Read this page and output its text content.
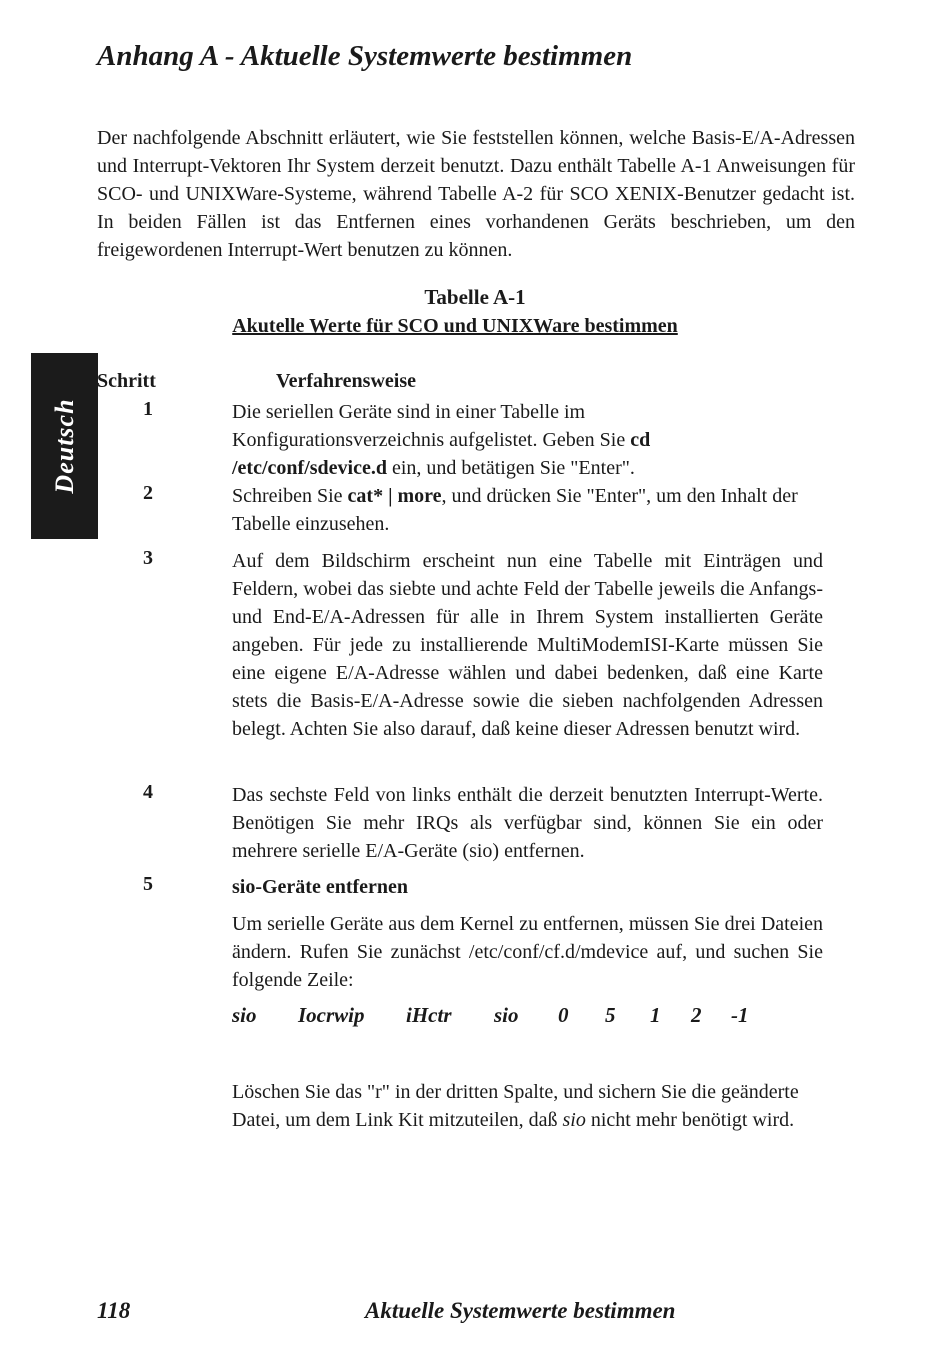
Anhang A - Aktuelle Systemwerte bestimmen

Der nachfolgende Abschnitt erläutert, wie Sie feststellen können, welche Basis-E/A-Adressen und Interrupt-Vektoren Ihr System derzeit benutzt. Dazu enthält Tabelle A-1 Anweisungen für SCO- und UNIXWare-Systeme, während Tabelle A-2 für SCO XENIX-Benutzer gedacht ist. In beiden Fällen ist das Entfernen eines vorhandenen Geräts beschrieben, um den freigewordenen Interrupt-Wert benutzen zu können.

Tabelle A-1
Akutelle Werte für SCO und UNIXWare bestimmen
Deutsch
Schritt	Verfahrensweise
1	Die seriellen Geräte sind in einer Tabelle im Konfigurationsverzeichnis aufgelistet. Geben Sie cd /etc/conf/sdevice.d ein, und betätigen Sie "Enter".

2	Schreiben Sie cat* | more, und drücken Sie "Enter", um den Inhalt der Tabelle einzusehen.

3	Auf dem Bildschirm erscheint nun eine Tabelle mit Einträgen und Feldern, wobei das siebte und achte Feld der Tabelle jeweils die Anfangs- und End-E/A-Adressen für alle in Ihrem System installierten Geräte angeben. Für jede zu installierende MultiModemISI-Karte müssen Sie eine eigene E/A-Adresse wählen und dabei bedenken, daß eine Karte stets die Basis-E/A-Adresse sowie die sieben nachfolgenden Adressen belegt. Achten Sie also darauf, daß keine dieser Adressen benutzt wird.

4	Das sechste Feld von links enthält die derzeit benutzten Interrupt-Werte. Benötigen Sie mehr IRQs als verfügbar sind, können Sie ein oder mehrere serielle E/A-Geräte (sio) entfernen.

5	sio-Geräte entfernen

Um serielle Geräte aus dem Kernel zu entfernen, müssen Sie drei Dateien ändern. Rufen Sie zunächst /etc/conf/cf.d/mdevice auf, und suchen Sie folgende Zeile:

sio Iocrwip iHctr sio 0 5 1 2 -1

Löschen Sie das "r" in der dritten Spalte, und sichern Sie die geänderte Datei, um dem Link Kit mitzuteilen, daß sio nicht mehr benötigt wird.

118	Aktuelle Systemwerte bestimmen
